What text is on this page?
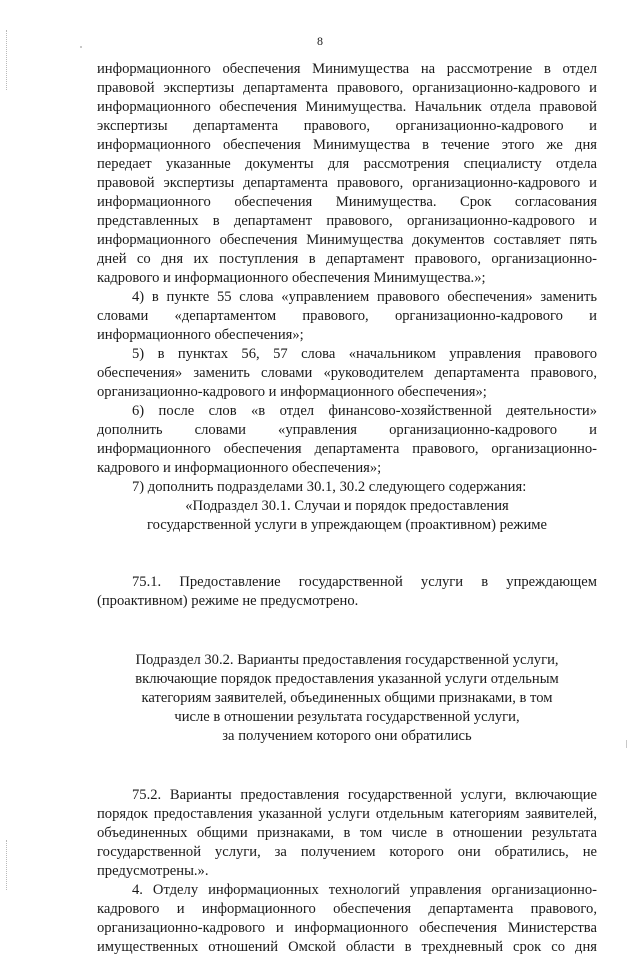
8

информационного обеспечения Минимущества на рассмотрение в отдел

правовой экспертизы департамента правового, организационно-кадрового и

информационного обеспечения Минимущества. Начальник отдела правовой

экспертизы департамента правового, организационно-кадрового и

информационного обеспечения Минимущества в течение этого же дня

передает указанные документы для рассмотрения специалисту отдела

правовой экспертизы департамента правового, организационно-кадрового и

информационного обеспечения Минимущества. Срок согласования

представленных в департамент правового, организационно-кадрового и

информационного обеспечения Минимущества документов составляет пять

дней со дня их поступления в департамент правового, организационно-

кадрового и информационного обеспечения Минимущества.»;

4) в пункте 55 слова «управлением правового обеспечения» заменить

словами «департаментом правового, организационно-кадрового и

информационного обеспечения»;

5) в пунктах 56, 57 слова «начальником управления правового

обеспечения» заменить словами «руководителем департамента правового,

организационно-кадрового и информационного обеспечения»;

6) после слов «в отдел финансово-хозяйственной деятельности»

дополнить словами «управления организационно-кадрового и

информационного обеспечения департамента правового, организационно-

кадрового и информационного обеспечения»;

7) дополнить подразделами 30.1, 30.2 следующего содержания:

«Подраздел 30.1. Случаи и порядок предоставления

государственной услуги в упреждающем (проактивном) режиме

75.1. Предоставление государственной услуги в упреждающем

(проактивном) режиме не предусмотрено.

Подраздел 30.2. Варианты предоставления государственной услуги,

включающие порядок предоставления указанной услуги отдельным

категориям заявителей, объединенных общими признаками, в том

числе в отношении результата государственной услуги,

за получением которого они обратились

75.2. Варианты предоставления государственной услуги, включающие

порядок предоставления указанной услуги отдельным категориям заявителей,

объединенных общими признаками, в том числе в отношении результата

государственной услуги, за получением которого они обратились, не

предусмотрены.».

4. Отделу информационных технологий управления организационно-

кадрового и информационного обеспечения департамента правового,

организационно-кадрового и информационного обеспечения Министерства

имущественных отношений Омской области в трехдневный срок со дня
